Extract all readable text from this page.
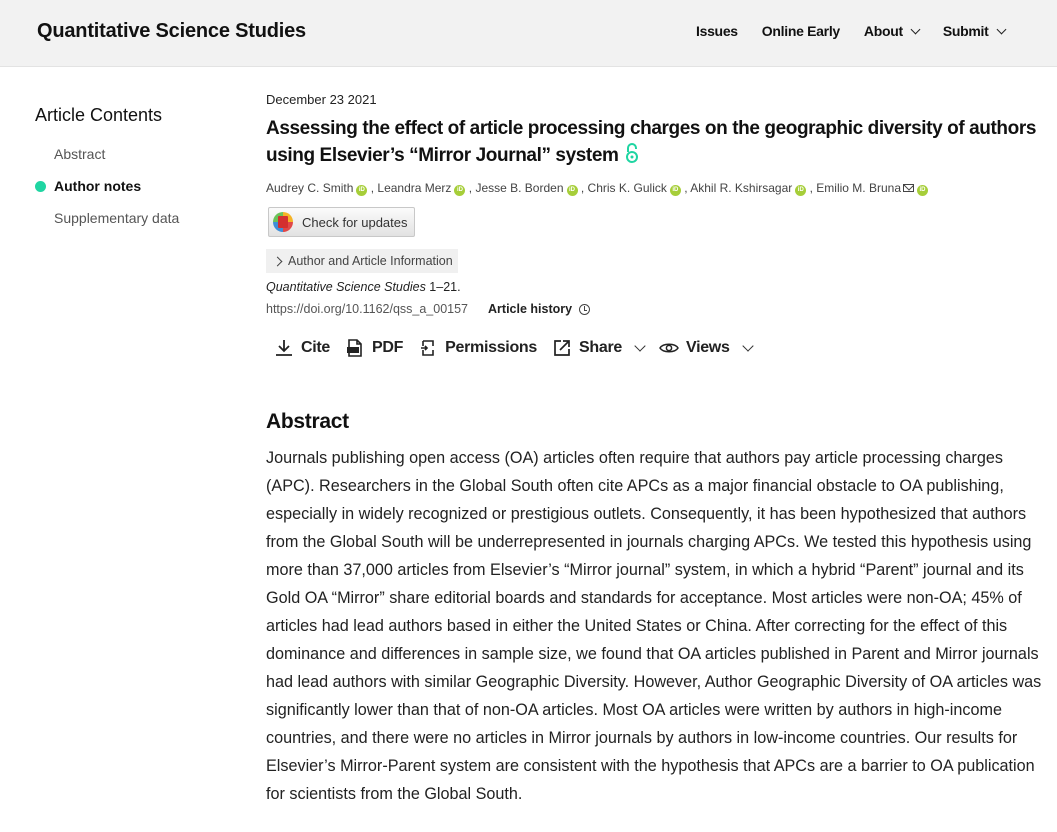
Quantitative Science Studies	Issues Online Early About	Submit
Article Contents
Abstract
Author notes
Supplementary data
December 23 2021
Assessing the effect of article processing charges on the geographic diversity of authors using Elsevier’s “Mirror Journal” system
Audrey C. Smith iD , Leandra Merz iD , Jesse B. Borden iD , Chris K. Gulick iD , Akhil R. Kshirsagar iD , Emilio M. Bruna	iD
Check for updates

Author and Article Information
Quantitative Science Studies 1–21.
https://doi.org/10.1162/qss_a_00157 Article history
Cite	PDF	Permissions	Share	Views
Abstract

Journals publishing open access (OA) articles often require that authors pay article processing charges (APC). Researchers in the Global South often cite APCs as a major financial obstacle to OA publishing, especially in widely recognized or prestigious outlets. Consequently, it has been hypothesized that authors from the Global South will be underrepresented in journals charging APCs. We tested this hypothesis using more than 37,000 articles from Elsevier’s “Mirror journal” system, in which a hybrid “Parent” journal and its Gold OA “Mirror” share editorial boards and standards for acceptance. Most articles were non-OA; 45% of articles had lead authors based in either the United States or China. After correcting for the effect of this dominance and differences in sample size, we found that OA articles published in Parent and Mirror journals had lead authors with similar Geographic Diversity. However, Author Geographic Diversity of OA articles was significantly lower than that of non-OA articles. Most OA articles were written by authors in high-income countries, and there were no articles in Mirror journals by authors in low-income countries. Our results for Elsevier’s Mirror-Parent system are consistent with the hypothesis that APCs are a barrier to OA publication for scientists from the Global South.
